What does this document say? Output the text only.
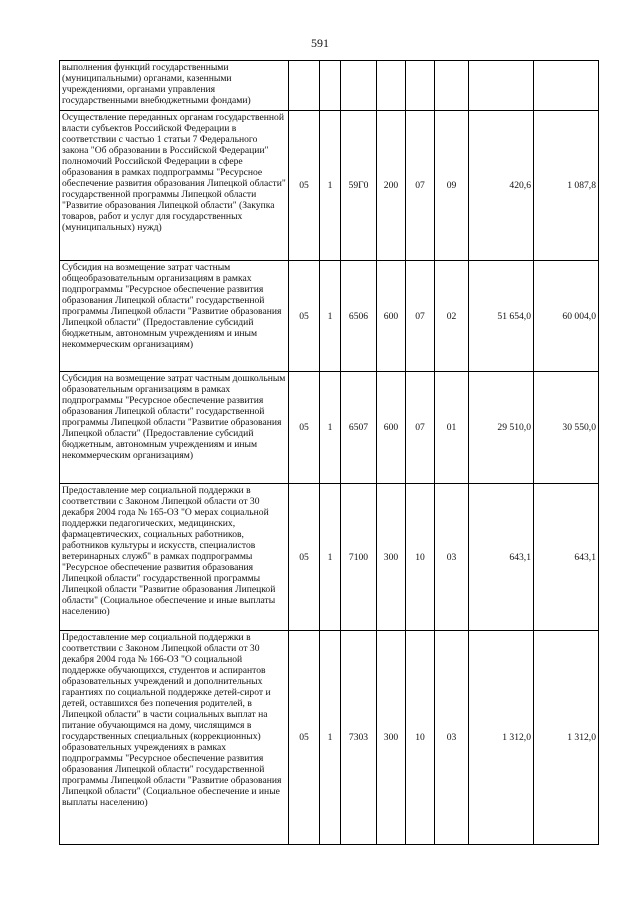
591
выполнения функций государственными (муниципальными) органами, казенными учреждениями, органами управления государственными внебюджетными фондами)								
Осуществление переданных органам государственной власти субъектов Российской Федерации в соответствии с частью 1 статьи 7 Федерального закона "Об образовании в Российской Федерации" полномочий Российской Федерации в сфере образования в рамках подпрограммы "Ресурсное обеспечение развития образования Липецкой области" государственной программы Липецкой области "Развитие образования Липецкой области" (Закупка товаров, работ и услуг для государственных (муниципальных) нужд)	05	1	59Г0	200	07	09	420,6	1 087,8
Субсидия на возмещение затрат частным общеобразовательным организациям в рамках подпрограммы "Ресурсное обеспечение развития образования Липецкой области" государственной программы Липецкой области "Развитие образования Липецкой области" (Предоставление субсидий бюджетным, автономным учреждениям и иным некоммерческим организациям)	05	1	6506	600	07	02	51 654,0	60 004,0
Субсидия на возмещение затрат частным дошкольным образовательным организациям в рамках подпрограммы "Ресурсное обеспечение развития образования Липецкой области" государственной программы Липецкой области "Развитие образования Липецкой области" (Предоставление субсидий бюджетным, автономным учреждениям и иным некоммерческим организациям)	05	1	6507	600	07	01	29 510,0	30 550,0
Предоставление мер социальной поддержки в соответствии с Законом Липецкой области от 30 декабря 2004 года № 165-ОЗ "О мерах социальной поддержки педагогических, медицинских, фармацевтических, социальных работников, работников культуры и искусств, специалистов ветеринарных служб" в рамках подпрограммы "Ресурсное обеспечение развития образования Липецкой области" государственной программы Липецкой области "Развитие образования Липецкой области" (Социальное обеспечение и иные выплаты населению)	05	1	7100	300	10	03	643,1	643,1
Предоставление мер социальной поддержки в соответствии с Законом Липецкой области от 30 декабря 2004 года № 166-ОЗ "О социальной поддержке обучающихся, студентов и аспирантов образовательных учреждений и дополнительных гарантиях по социальной поддержке детей-сирот и детей, оставшихся без попечения родителей, в Липецкой области" в части социальных выплат на питание обучающимся на дому, числящимся в государственных специальных (коррекционных) образовательных учреждениях в рамках подпрограммы "Ресурсное обеспечение развития образования Липецкой области" государственной программы Липецкой области "Развитие образования Липецкой области" (Социальное обеспечение и иные выплаты населению)	05	1	7303	300	10	03	1 312,0	1 312,0
